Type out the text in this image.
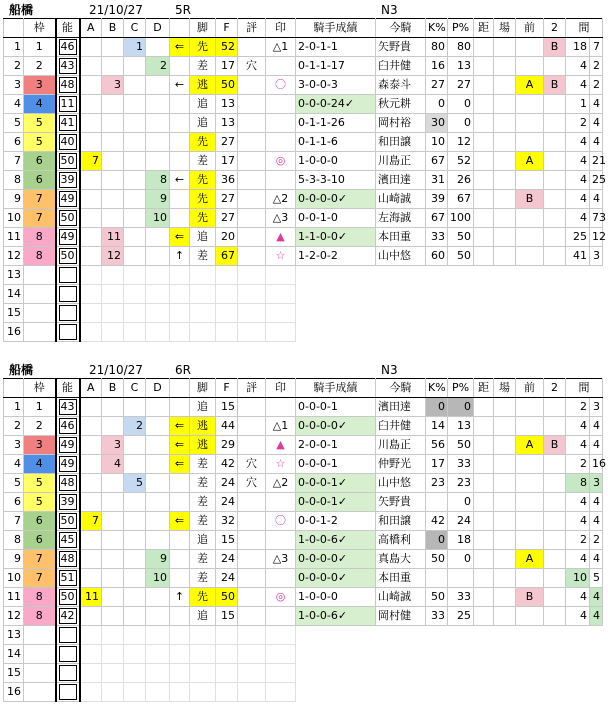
船橋	21/10/27	5R	N3
	枠	能	A	B	C	D		脚	F	評	印	騎手成績	今騎	K%	P%	距	場	前	2	間	
1	1	46			1		⇐	先	52		△1	2-0-1-1	矢野貴	80	80				B	18	7
2	2	43				2		差	17	穴		0-1-1-17	臼井健	16	13					4	2
3	3	48		3			←	逃	50		〇	3-0-0-3	森泰斗	27	27			A	B	4	2
4	4	11						追	13			0-0-0-24✓	秋元耕	0	0					1	4
5	5	41						追	13			0-1-1-26	岡村裕	30	0					2	4
6	5	40						先	27			0-1-1-6	和田譲	10	12					4	4
7	6	50	7					差	17		◎	1-0-0-0	川島正	67	52			A		4	21
8	6	39				8	←	先	36			5-3-3-10	濱田達	31	26					4	25
9	7	49				9		先	27		△2	0-0-0-0✓	山崎誠	39	67			B		4	4
10	7	50				10		先	27		△3	0-0-1-0	左海誠	67	100					4	73
11	8	49		11			⇐	追	20		▲	1-1-0-0✓	本田重	33	50					25	12
12	8	50		12			↑	差	67		☆	1-2-0-2	山中悠	60	50					41	3
13			

14			

15			

16			

船橋	21/10/27	6R	N3
	枠	能	A	B	C	D		脚	F	評	印	騎手成績	今騎	K%	P%	距	場	前	2	間	
1	1	43						追	15			0-0-0-1	濱田達	0	0					2	3
2	2	46			2		⇐	逃	44		△1	0-0-0-0✓	臼井健	14	13					4	4
3	3	49		3			⇐	逃	29		▲	2-0-0-1	川島正	56	50			A	B	4	4
4	4	49		4			⇐	差	42	穴	☆	0-0-0-1	仲野光	17	33					2	16
5	5	48			5			差	24	穴	△2	0-0-0-1✓	山中悠	23	23					8	3
6	5	39						差	24			0-0-0-1✓	矢野貴		0					4	4
7	6	50	7				⇐	差	32		〇	0-0-1-2	和田譲	42	24					4	4
8	6	45						追	15			1-0-0-6✓	高橋利	0	18					2	2
9	7	48				9		差	24		△3	0-0-0-0✓	真島大	50	0			A		4	4
10	7	51				10		差	24			0-0-0-0✓	本田重							10	5
11	8	50	11				↑	先	50		◎	1-0-0-0	山崎誠	50	33			B		4	4
12	8	42						追	15			1-0-0-6✓	岡村健	33	25					4	4
13			

14			

15			

16			
